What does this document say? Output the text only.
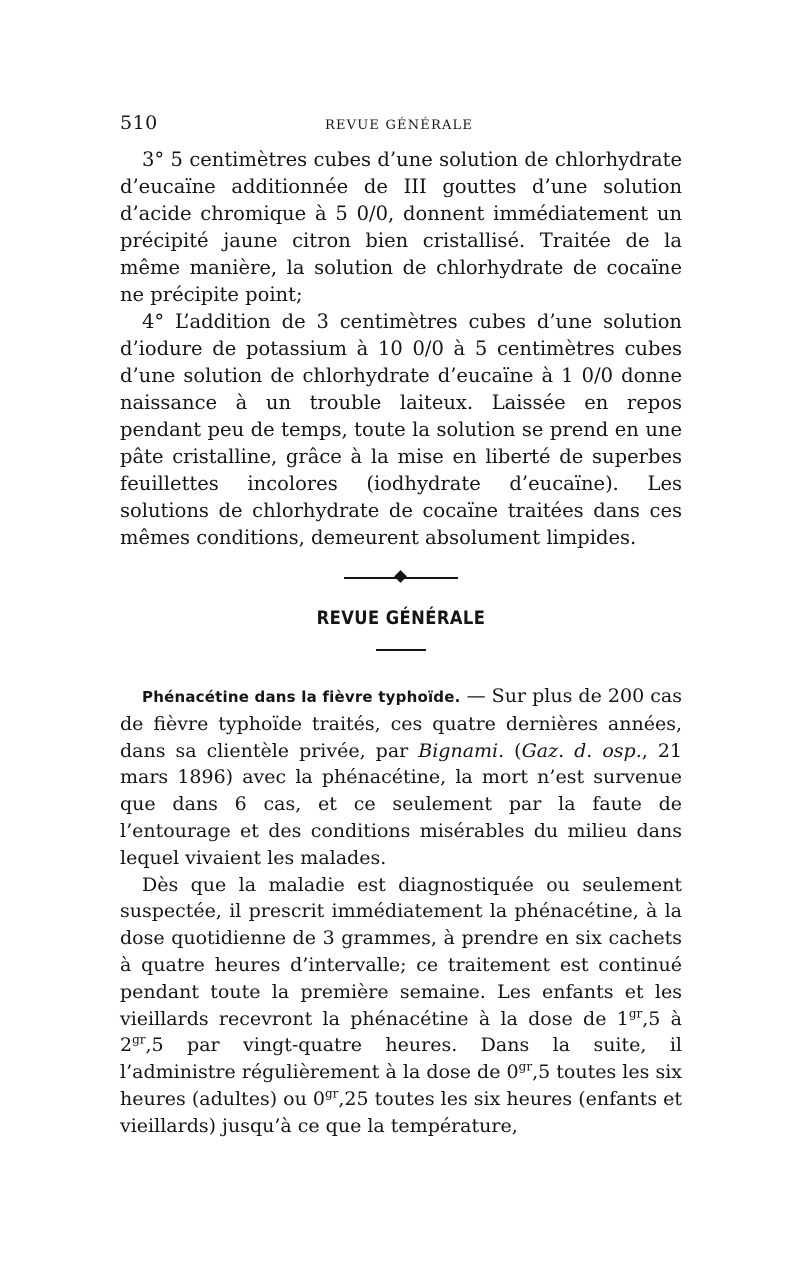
510	REVUE GÉNÉRALE

3° 5 centimètres cubes d’une solution de chlorhydrate d’eucaïne additionnée de III gouttes d’une solution d’acide chromique à 5 0/0, donnent immédiatement un précipité jaune citron bien cristallisé. Traitée de la même manière, la solution de chlorhydrate de cocaïne ne précipite point;

4° L’addition de 3 centimètres cubes d’une solution d’iodure de potassium à 10 0/0 à 5 centimètres cubes d’une solution de chlorhydrate d’eucaïne à 1 0/0 donne naissance à un trouble laiteux. Laissée en repos pendant peu de temps, toute la solution se prend en une pâte cristalline, grâce à la mise en liberté de superbes feuillettes incolores (iodhydrate d’eucaïne). Les solutions de chlorhydrate de cocaïne traitées dans ces mêmes conditions, demeurent absolument limpides.

REVUE GÉNÉRALE

Phénacétine dans la fièvre typhoïde. — Sur plus de 200 cas de fièvre typhoïde traités, ces quatre dernières années, dans sa clientèle privée, par Bignami. (Gaz. d. osp., 21 mars 1896) avec la phénacétine, la mort n’est survenue que dans 6 cas, et ce seulement par la faute de l’entourage et des conditions misérables du milieu dans lequel vivaient les malades.

Dès que la maladie est diagnostiquée ou seulement suspectée, il prescrit immédiatement la phénacétine, à la dose quotidienne de 3 grammes, à prendre en six cachets à quatre heures d’intervalle; ce traitement est continué pendant toute la première semaine. Les enfants et les vieillards recevront la phénacétine à la dose de $1^{gr},5$ à $2^{gr},5$ par vingt-quatre heures. Dans la suite, il l’administre régulièrement à la dose de $0^{gr},5$ toutes les six heures (adultes) ou $0^{gr},25$ toutes les six heures (enfants et vieillards) jusqu’à ce que la température,
